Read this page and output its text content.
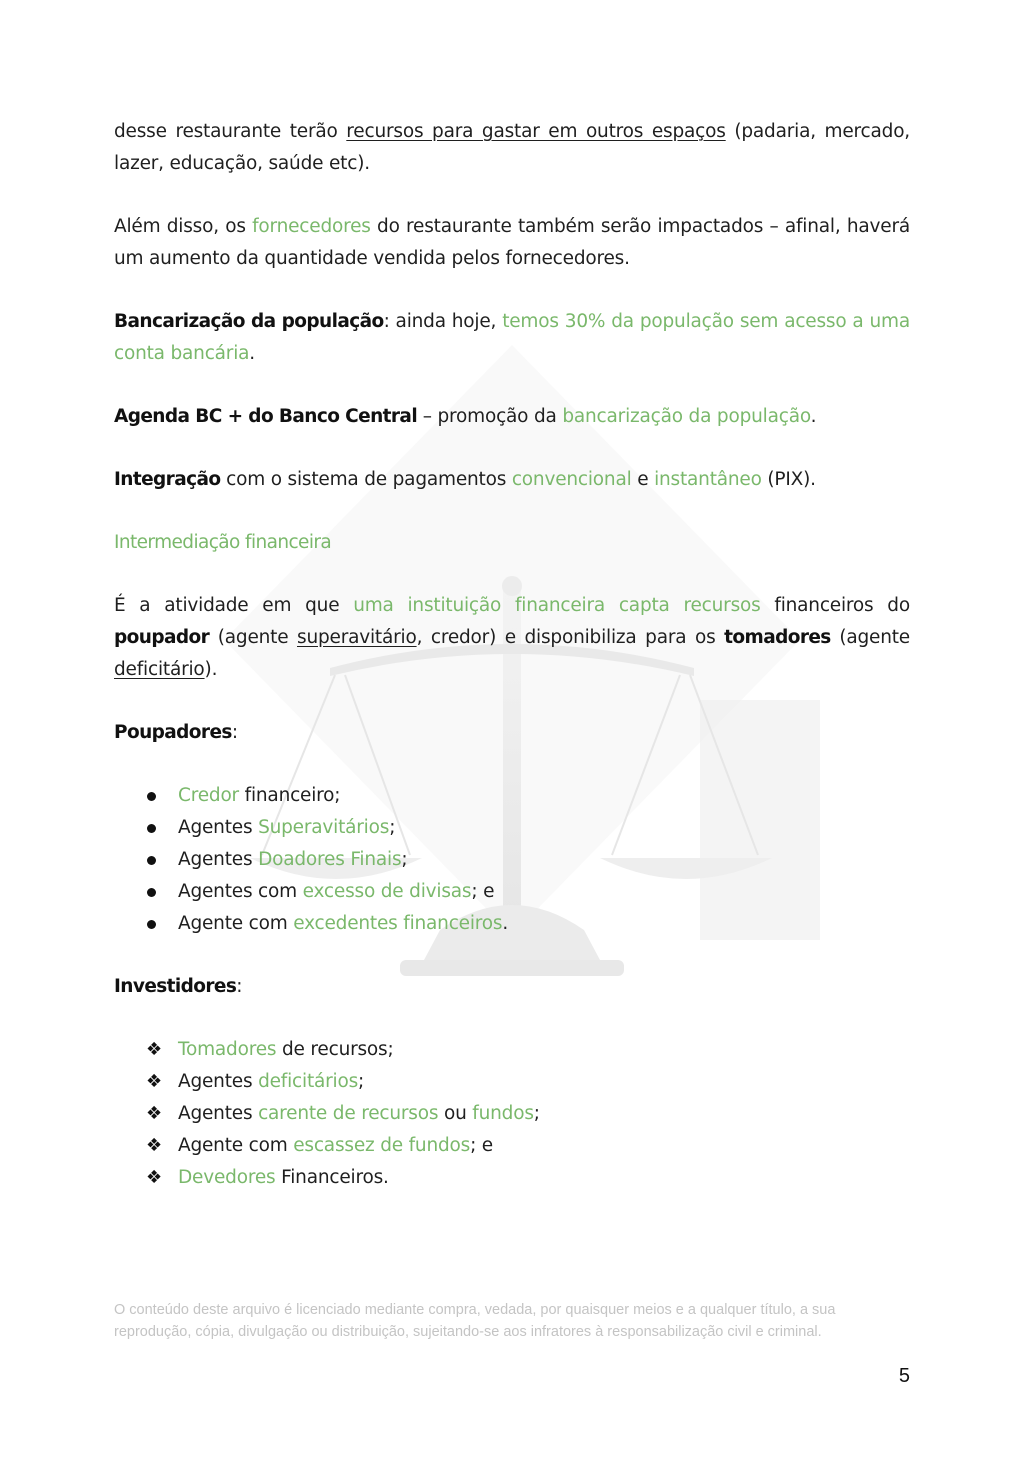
desse restaurante terão recursos para gastar em outros espaços (padaria, mercado, lazer, educação, saúde etc).

Além disso, os fornecedores do restaurante também serão impactados – afinal, haverá um aumento da quantidade vendida pelos fornecedores.

Bancarização da população: ainda hoje, temos 30% da população sem acesso a uma conta bancária.

Agenda BC + do Banco Central – promoção da bancarização da população.

Integração com o sistema de pagamentos convencional e instantâneo (PIX).

Intermediação financeira

É a atividade em que uma instituição financeira capta recursos financeiros do poupador (agente superavitário, credor) e disponibiliza para os tomadores (agente deficitário).

Poupadores:

Credor financeiro;
Agentes Superavitários;
Agentes Doadores Finais;
Agentes com excesso de divisas; e
Agente com excedentes financeiros.

Investidores:

❖ Tomadores de recursos;
❖ Agentes deficitários;
❖ Agentes carente de recursos ou fundos;
❖ Agente com escassez de fundos; e
❖ Devedores Financeiros.
O conteúdo deste arquivo é licenciado mediante compra, vedada, por quaisquer meios e a qualquer título, a sua
reprodução, cópia, divulgação ou distribuição, sujeitando-se aos infratores à responsabilização civil e criminal.
5
